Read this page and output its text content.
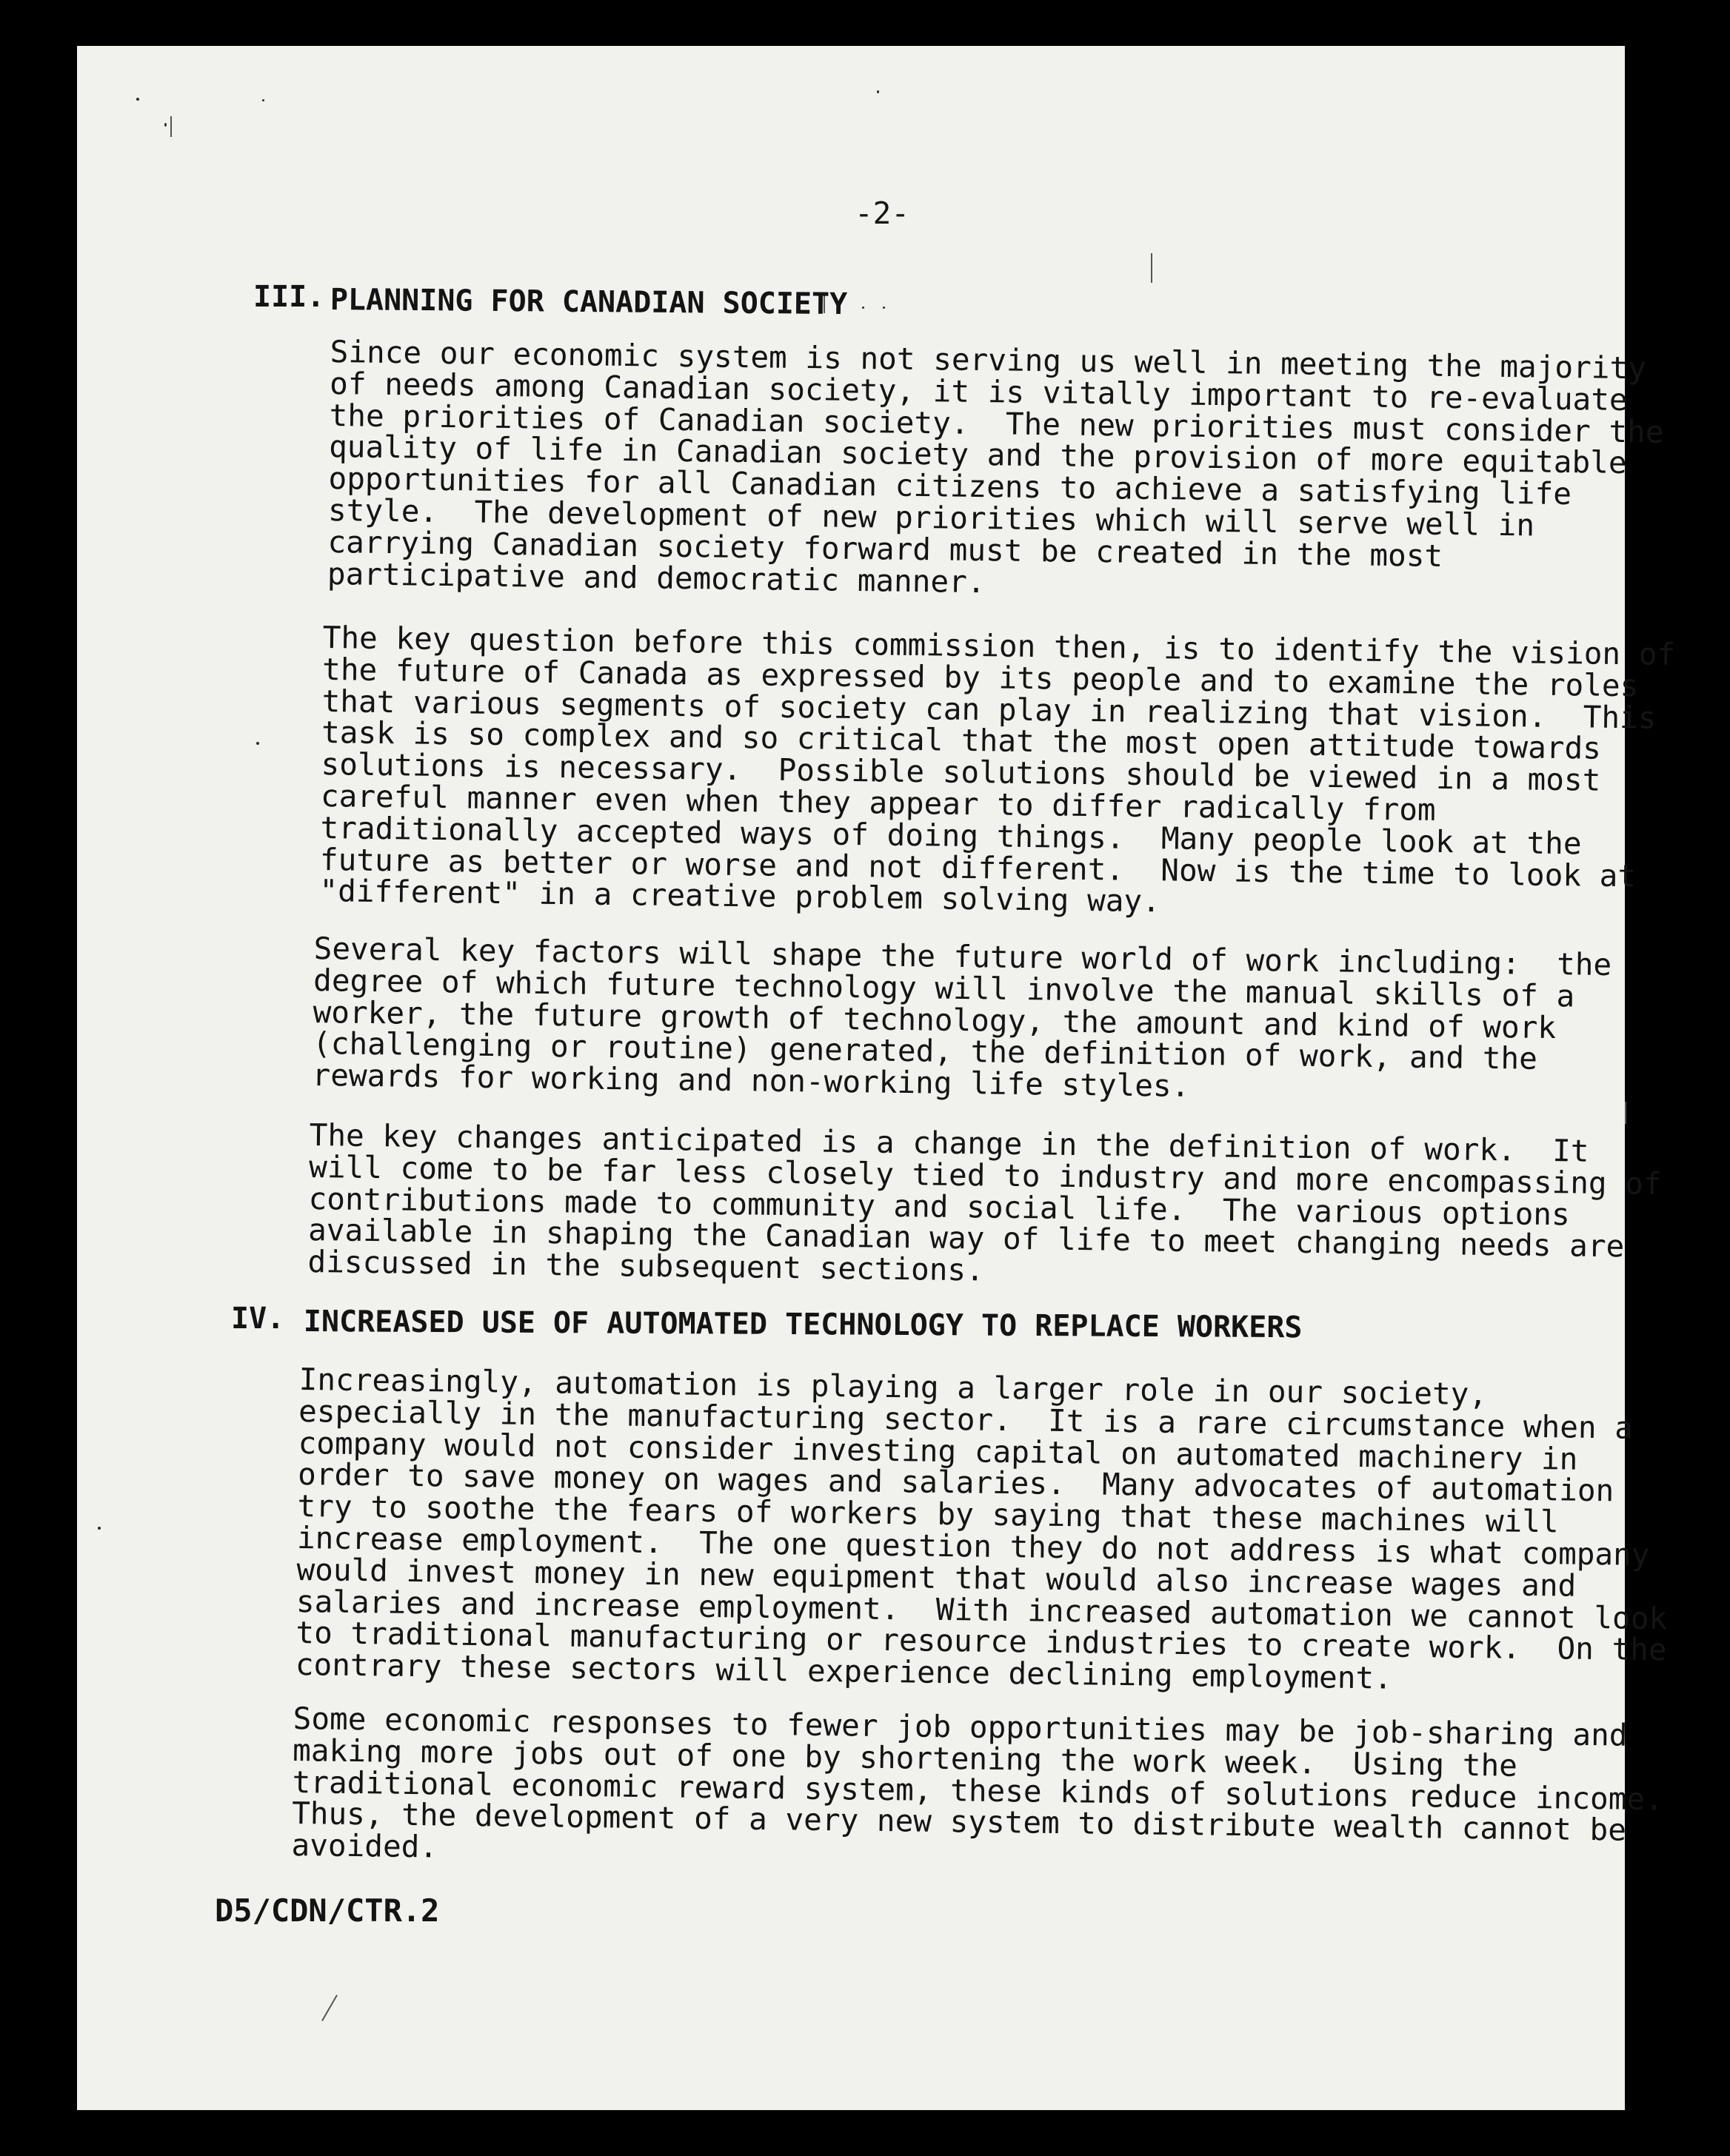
-2-
III. PLANNING FOR CANADIAN SOCIETY
Since our economic system is not serving us well in meeting the majority
of needs among Canadian society, it is vitally important to re-evaluate
the priorities of Canadian society.  The new priorities must consider the
quality of life in Canadian society and the provision of more equitable
opportunities for all Canadian citizens to achieve a satisfying life
style.  The development of new priorities which will serve well in
carrying Canadian society forward must be created in the most
participative and democratic manner.
The key question before this commission then, is to identify the vision of
the future of Canada as expressed by its people and to examine the roles
that various segments of society can play in realizing that vision.  This
task is so complex and so critical that the most open attitude towards
solutions is necessary.  Possible solutions should be viewed in a most
careful manner even when they appear to differ radically from
traditionally accepted ways of doing things.  Many people look at the
future as better or worse and not different.  Now is the time to look at
"different" in a creative problem solving way.
Several key factors will shape the future world of work including:  the
degree of which future technology will involve the manual skills of a
worker, the future growth of technology, the amount and kind of work
(challenging or routine) generated, the definition of work, and the
rewards for working and non-working life styles.
The key changes anticipated is a change in the definition of work.  It
will come to be far less closely tied to industry and more encompassing of
contributions made to community and social life.  The various options
available in shaping the Canadian way of life to meet changing needs are
discussed in the subsequent sections.
IV. INCREASED USE OF AUTOMATED TECHNOLOGY TO REPLACE WORKERS
Increasingly, automation is playing a larger role in our society,
especially in the manufacturing sector.  It is a rare circumstance when a
company would not consider investing capital on automated machinery in
order to save money on wages and salaries.  Many advocates of automation
try to soothe the fears of workers by saying that these machines will
increase employment.  The one question they do not address is what company
would invest money in new equipment that would also increase wages and
salaries and increase employment.  With increased automation we cannot look
to traditional manufacturing or resource industries to create work.  On the
contrary these sectors will experience declining employment.
Some economic responses to fewer job opportunities may be job-sharing and
making more jobs out of one by shortening the work week.  Using the
traditional economic reward system, these kinds of solutions reduce income.
Thus, the development of a very new system to distribute wealth cannot be
avoided.
D5/CDN/CTR.2
